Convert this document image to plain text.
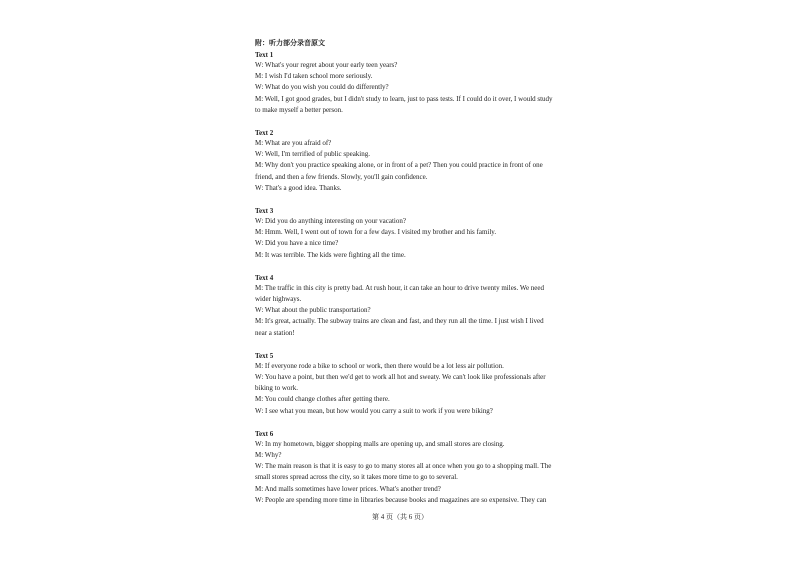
附：听力部分录音原文

Text 1

W: What's your regret about your early teen years?

M: I wish I'd taken school more seriously.

W: What do you wish you could do differently?

M: Well, I got good grades, but I didn't study to learn, just to pass tests. If I could do it over, I would study to make myself a better person.

Text 2

M: What are you afraid of?

W: Well, I'm terrified of public speaking.

M: Why don't you practice speaking alone, or in front of a pet? Then you could practice in front of one friend, and then a few friends. Slowly, you'll gain confidence.

W: That's a good idea. Thanks.

Text 3

W: Did you do anything interesting on your vacation?

M: Hmm. Well, I went out of town for a few days. I visited my brother and his family.

W: Did you have a nice time?

M: It was terrible. The kids were fighting all the time.

Text 4

M: The traffic in this city is pretty bad. At rush hour, it can take an hour to drive twenty miles. We need wider highways.

W: What about the public transportation?

M: It's great, actually. The subway trains are clean and fast, and they run all the time. I just wish I lived near a station!

Text 5

M: If everyone rode a bike to school or work, then there would be a lot less air pollution.

W: You have a point, but then we'd get to work all hot and sweaty. We can't look like professionals after biking to work.

M: You could change clothes after getting there.

W: I see what you mean, but how would you carry a suit to work if you were biking?

Text 6

W: In my hometown, bigger shopping malls are opening up, and small stores are closing.

M: Why?

W: The main reason is that it is easy to go to many stores all at once when you go to a shopping mall. The small stores spread across the city, so it takes more time to go to several.

M: And malls sometimes have lower prices. What's another trend?

W: People are spending more time in libraries because books and magazines are so expensive. They can

第 4 页（共 6 页）
